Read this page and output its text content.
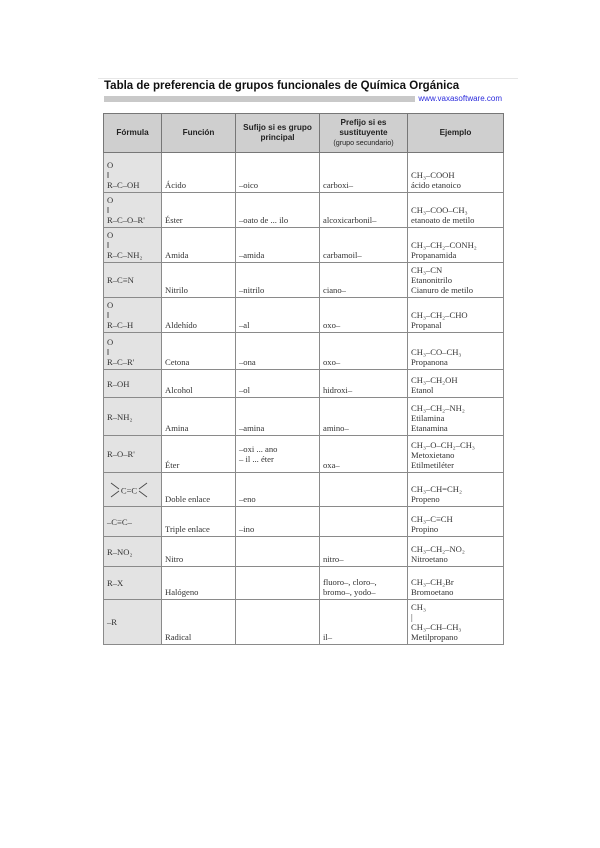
Tabla de preferencia de grupos funcionales de Química Orgánica
www.vaxasoftware.com
Fórmula	Función	Sufijo si es grupo principal	Prefijo si es sustituyente
(grupo secundario)	Ejemplo

O
‖
R–C–OH	Ácido	–oico	carboxi–	CH₃–COOH
ácido etanoico

O
‖
R–C–O–R'	Éster	–oato de ... ilo	alcoxicarbonil–	CH₃–COO–CH₃
etanoato de metilo

O
‖
R–C–NH₂	Amida	–amida	carbamoil–	CH₃–CH₂–CONH₂
Propanamida

R–C≡N	Nitrilo	–nitrilo	ciano–	CH₃–CN
Etanonitrilo
Cianuro de metilo

O
‖
R–C–H	Aldehído	–al	oxo–	CH₃–CH₂–CHO
Propanal

O
‖
R–C–R'	Cetona	–ona	oxo–	CH₃–CO–CH₃
Propanona

R–OH	Alcohol	–ol	hidroxi–	CH₃–CH₂OH
Etanol

R–NH₂	Amina	–amina	amino–	CH₃–CH₂–NH₂
Etilamina
Etanamina

R–O–R'	Éter	–oxi ... ano
– il ... éter	oxa–	CH₃–O–CH₂–CH₃
Metoxietano
Etilmetiléter

C=C	Doble enlace	–eno		CH₃–CH=CH₂
Propeno

–C≡C–	Triple enlace	–ino		CH₃–C≡CH
Propino

R–NO₂	Nitro		nitro–	CH₃–CH₂–NO₂
Nitroetano

R–X	Halógeno		fluoro–, cloro–,
bromo–, yodo–	CH₃–CH₂Br
Bromoetano

–R	Radical		il–	CH₃
|
CH₃–CH–CH₃
Metilpropano
